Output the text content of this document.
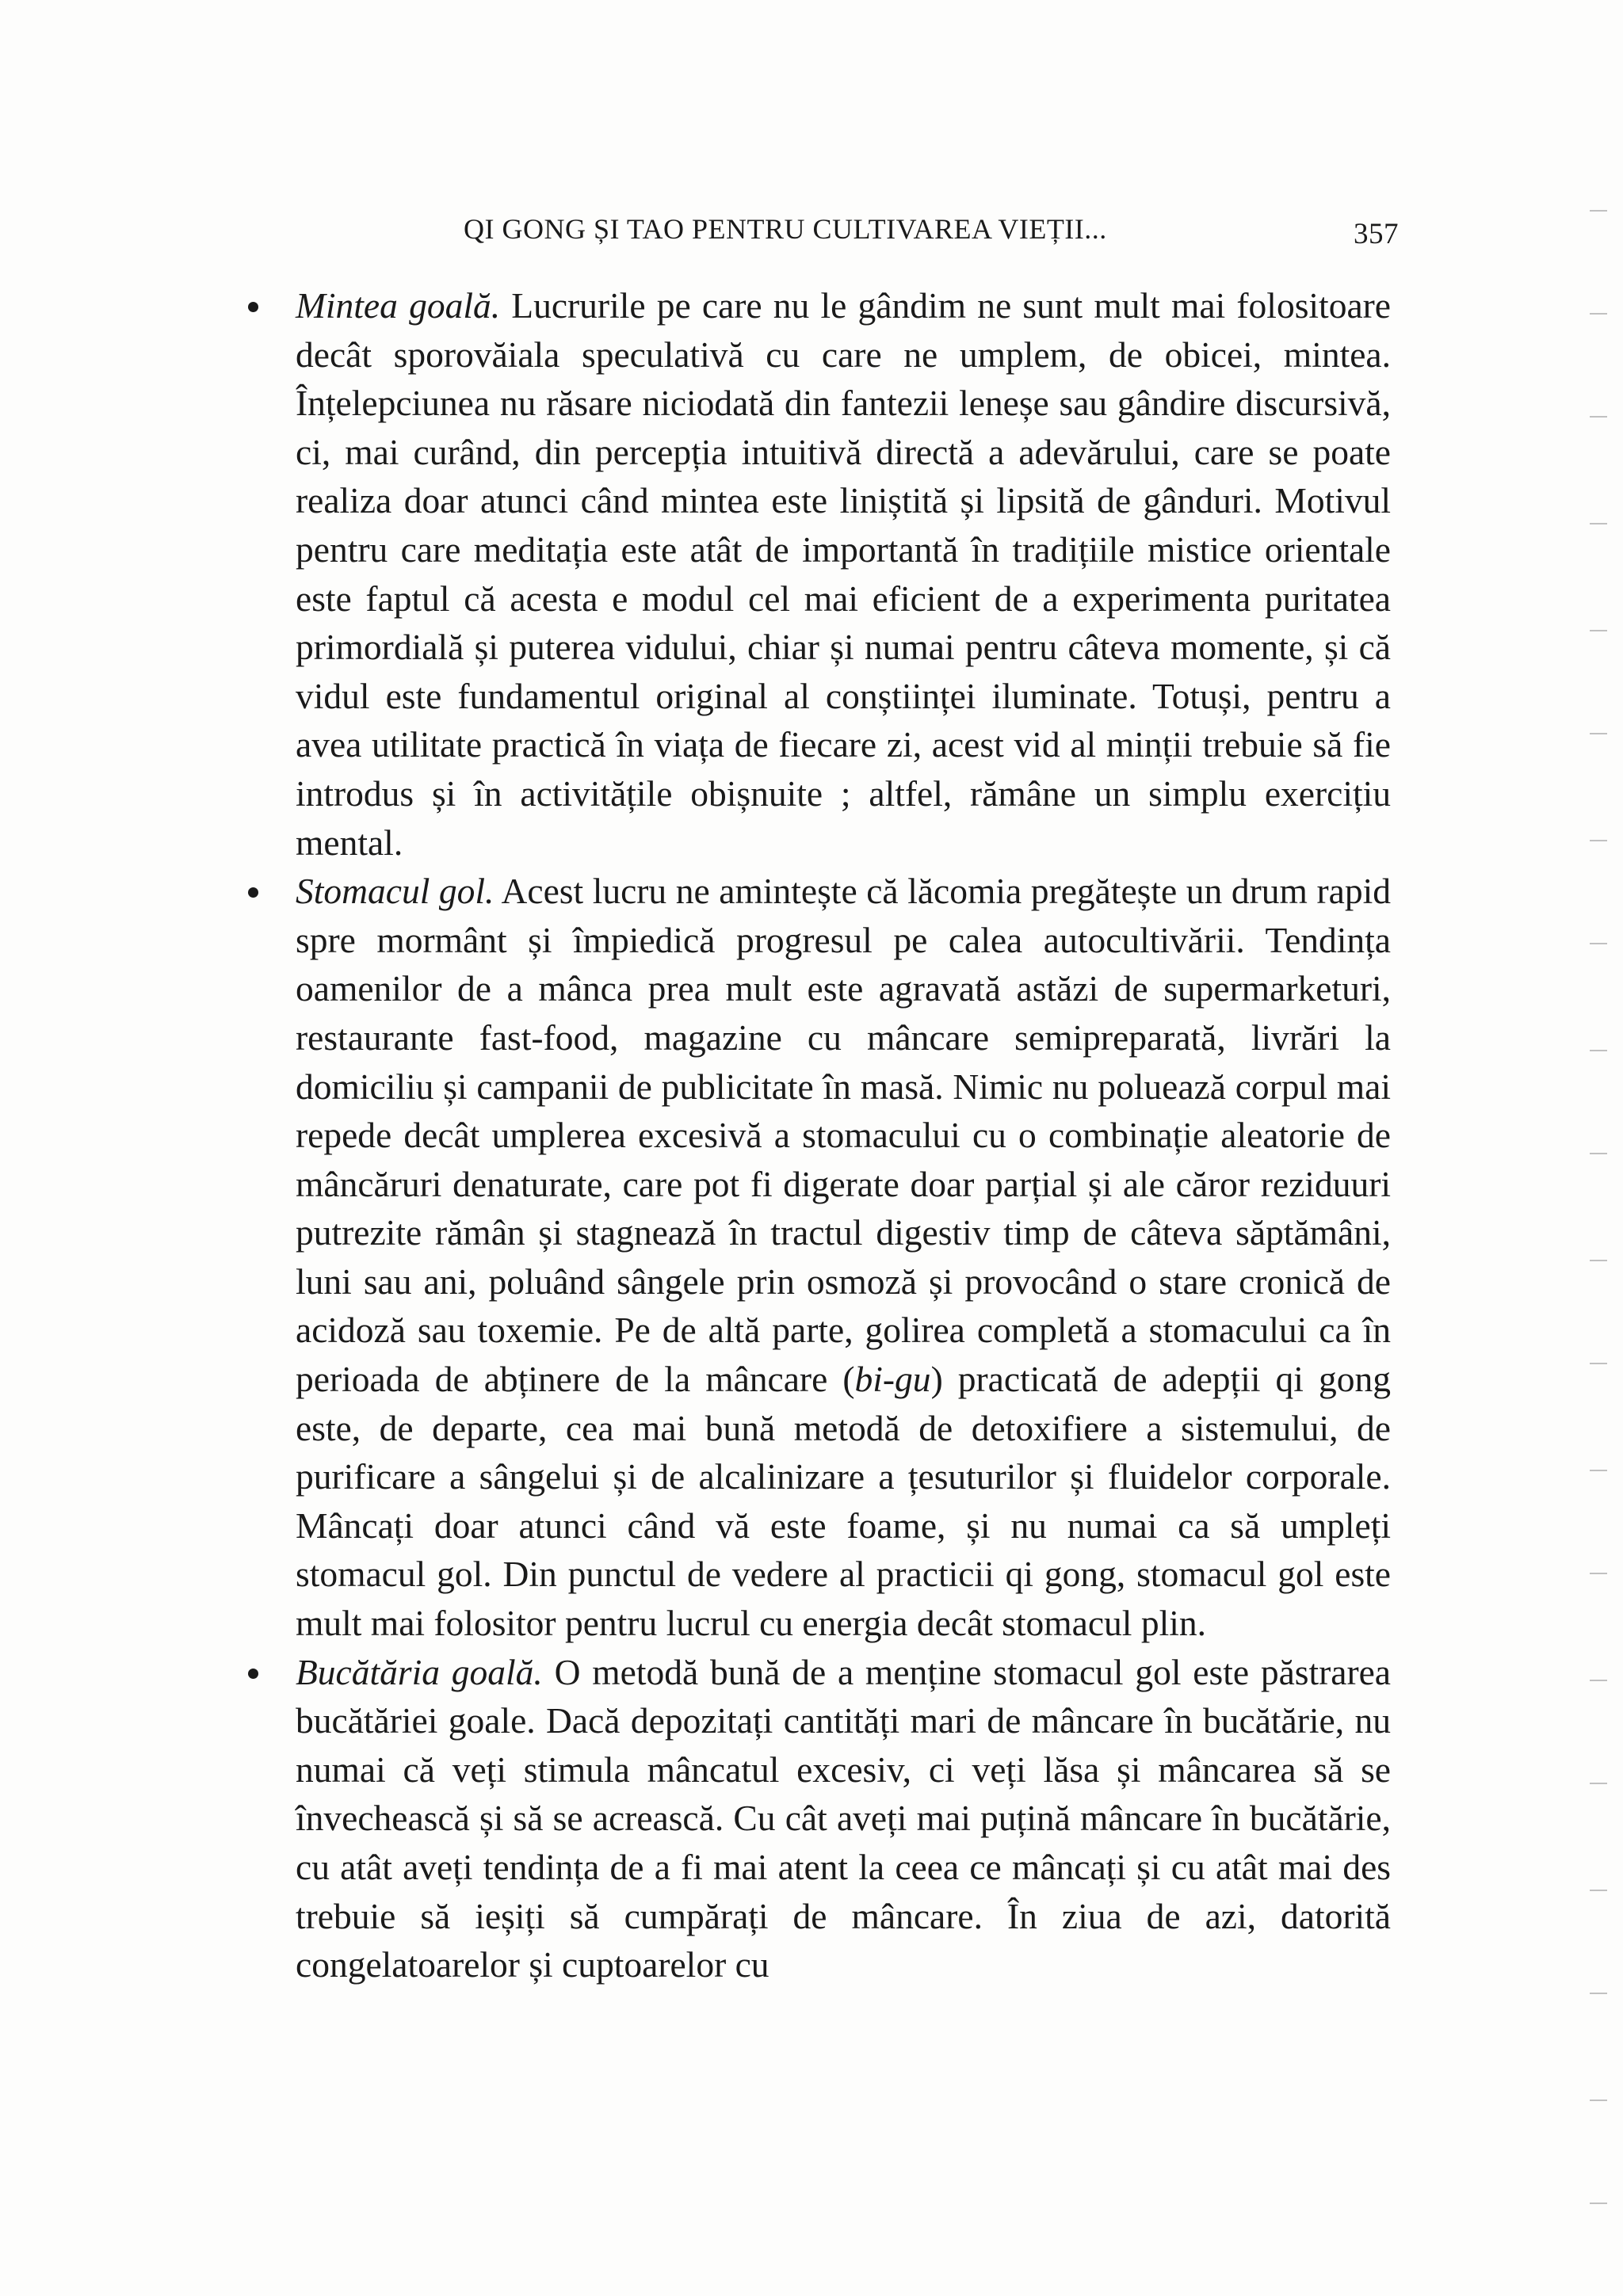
QI GONG ȘI TAO PENTRU CULTIVAREA VIEȚII...	357

Mintea goală. Lucrurile pe care nu le gândim ne sunt mult mai folositoare decât sporovăiala speculativă cu care ne umplem, de obicei, mintea. Înțelepciunea nu răsare niciodată din fantezii leneșe sau gândire discursivă, ci, mai curând, din percepția intuitivă directă a adevărului, care se poate realiza doar atunci când mintea este liniștită și lipsită de gânduri. Motivul pentru care meditația este atât de importantă în tradițiile mistice orientale este faptul că acesta e modul cel mai eficient de a experimenta puritatea primordială și puterea vidului, chiar și numai pentru câteva momente, și că vidul este fundamentul original al conștiinței iluminate. Totuși, pentru a avea utilitate practică în viața de fiecare zi, acest vid al minții trebuie să fie introdus și în activitățile obișnuite ; altfel, rămâne un simplu exercițiu mental.

Stomacul gol. Acest lucru ne amintește că lăcomia pregătește un drum rapid spre mormânt și împiedică progresul pe calea autocultivării. Tendința oamenilor de a mânca prea mult este agravată astăzi de supermarketuri, restaurante fast-food, magazine cu mâncare semipreparată, livrări la domiciliu și campanii de publicitate în masă. Nimic nu poluează corpul mai repede decât umplerea excesivă a stomacului cu o combinație aleatorie de mâncăruri denaturate, care pot fi digerate doar parțial și ale căror reziduuri putrezite rămân și stagnează în tractul digestiv timp de câteva săptămâni, luni sau ani, poluând sângele prin osmoză și provocând o stare cronică de acidoză sau toxemie. Pe de altă parte, golirea completă a stomacului ca în perioada de abținere de la mâncare (bi-gu) practicată de adepții qi gong este, de departe, cea mai bună metodă de detoxifiere a sistemului, de purificare a sângelui și de alcalinizare a țesuturilor și fluidelor corporale. Mâncați doar atunci când vă este foame, și nu numai ca să umpleți stomacul gol. Din punctul de vedere al practicii qi gong, stomacul gol este mult mai folositor pentru lucrul cu energia decât stomacul plin.

Bucătăria goală. O metodă bună de a menține stomacul gol este păstrarea bucătăriei goale. Dacă depozitați cantități mari de mâncare în bucătărie, nu numai că veți stimula mâncatul excesiv, ci veți lăsa și mâncarea să se învechească și să se acrească. Cu cât aveți mai puțină mâncare în bucătărie, cu atât aveți tendința de a fi mai atent la ceea ce mâncați și cu atât mai des trebuie să ieșiți să cumpărați de mâncare. În ziua de azi, datorită congelatoarelor și cuptoarelor cu
